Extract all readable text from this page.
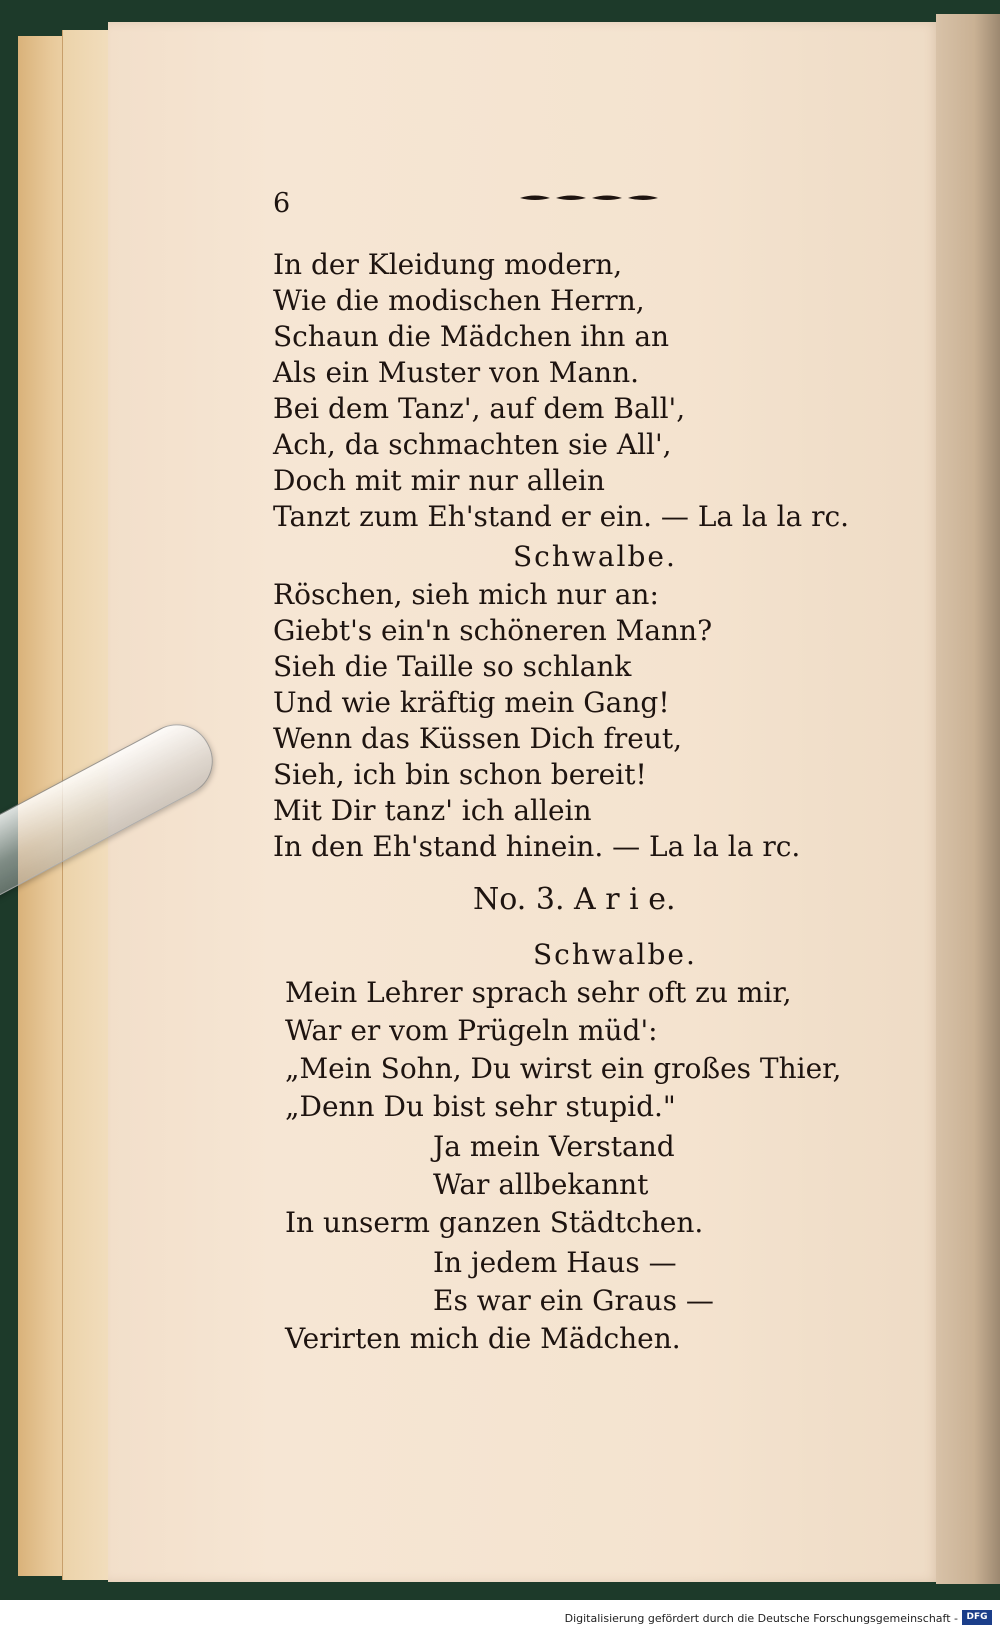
6
In der Kleidung modern,
Wie die modischen Herrn,
Schaun die Mädchen ihn an
Als ein Muster von Mann.
Bei dem Tanz', auf dem Ball',
Ach, da schmachten sie All',
Doch mit mir nur allein
Tanzt zum Eh'stand er ein. — La la la rc.
Schwalbe.
Röschen, sieh mich nur an:
Giebt's ein'n schöneren Mann?
Sieh die Taille so schlank
Und wie kräftig mein Gang!
Wenn das Küssen Dich freut,
Sieh, ich bin schon bereit!
Mit Dir tanz' ich allein
In den Eh'stand hinein. — La la la rc.
No. 3. A r i e.
Schwalbe.
Mein Lehrer sprach sehr oft zu mir,
War er vom Prügeln müd':
„Mein Sohn, Du wirst ein großes Thier,
„Denn Du bist sehr stupid."
Ja mein Verstand
War allbekannt
In unserm ganzen Städtchen.
In jedem Haus —
Es war ein Graus —
Verirten mich die Mädchen.
Digitalisierung gefördert durch die Deutsche Forschungsgemeinschaft - DFG
